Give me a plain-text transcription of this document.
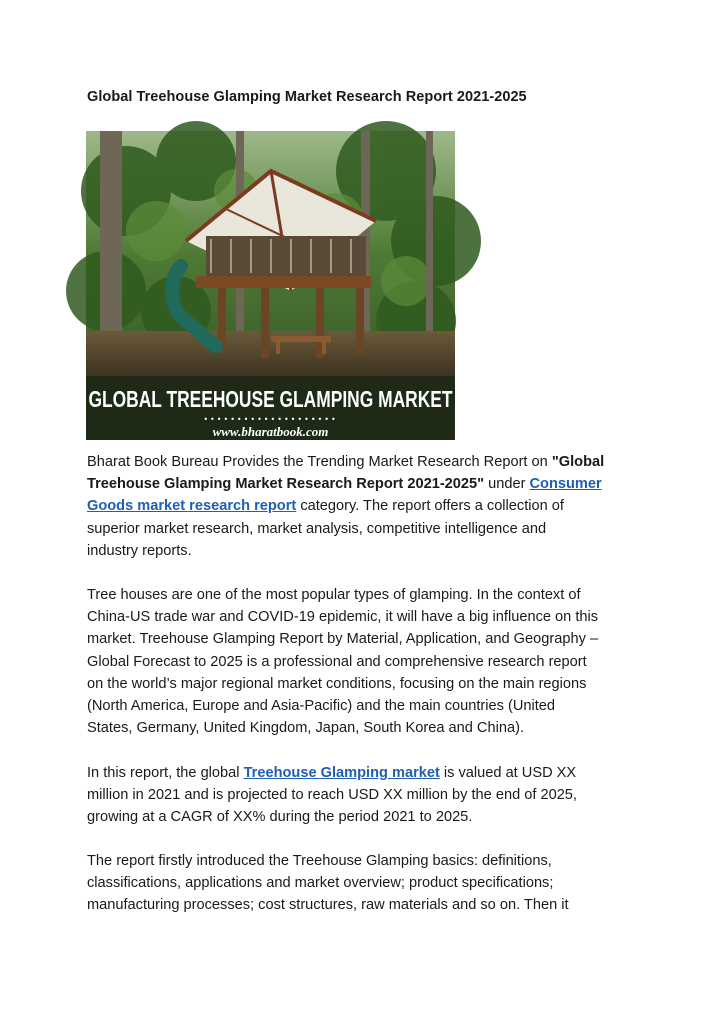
Global Treehouse Glamping Market Research Report 2021-2025
GLOBAL TREEHOUSE GLAMPING MARKET
••••••••••••••••••••
www.bharatbook.com
Bharat Book Bureau Provides the Trending Market Research Report on "Global
Treehouse Glamping Market Research Report 2021-2025" under Consumer
Goods market research report category. The report offers a collection of
superior market research, market analysis, competitive intelligence and
industry reports.
Tree houses are one of the most popular types of glamping. In the context of
China-US trade war and COVID-19 epidemic, it will have a big influence on this
market. Treehouse Glamping Report by Material, Application, and Geography –
Global Forecast to 2025 is a professional and comprehensive research report
on the world’s major regional market conditions, focusing on the main regions
(North America, Europe and Asia-Pacific) and the main countries (United
States, Germany, United Kingdom, Japan, South Korea and China).
In this report, the global Treehouse Glamping market is valued at USD XX
million in 2021 and is projected to reach USD XX million by the end of 2025,
growing at a CAGR of XX% during the period 2021 to 2025.
The report firstly introduced the Treehouse Glamping basics: definitions,
classifications, applications and market overview; product specifications;
manufacturing processes; cost structures, raw materials and so on. Then it
